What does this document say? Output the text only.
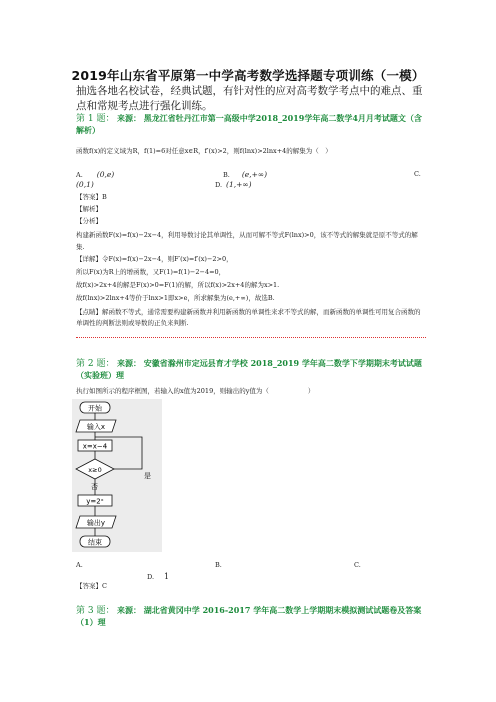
2019年山东省平原第一中学高考数学选择题专项训练（一模）
抽选各地名校试卷，经典试题，有针对性的应对高考数学考点中的难点、重点和常规考点进行强化训练。
第 1 题： 来源： 黑龙江省牡丹江市第一高级中学2018_2019学年高二数学4月月考试题文（含解析）
函数f(x)的定义域为R，f(1)=6对任意x∈R，f′(x)>2，则f(lnx)>2lnx+4的解集为（　）
A. (0,e)	B. (e,+∞)	C.
(0,1)	D. (1,+∞)
【答案】B
【解析】
【分析】
构建新函数F(x)=f(x)−2x−4，利用导数讨论其单调性，从而可解不等式F(lnx)>0，该不等式的解集就是原不等式的解集.
【详解】令F(x)=f(x)−2x−4，则F′(x)=f′(x)−2>0，
所以F(x)为R上的增函数，又F(1)=f(1)−2−4=0，
故f(x)>2x+4的解是F(x)>0=F(1)的解，所以f(x)>2x+4的解为x>1.
故f(lnx)>2lnx+4等价于lnx>1即x>e，所求解集为(e,+∞)，故选B.
【点睛】解函数不等式，通常需要构建新函数并利用新函数的单调性来求不等式的解，而新函数的单调性可用复合函数的单调性的判断法则或导数的正负来判断.
第 2 题： 来源： 安徽省滁州市定远县育才学校 2018_2019 学年高二数学下学期期末考试试题（实验班）理
执行如图所示的程序框图，若输入的x值为2019，则输出的y值为（　　　　　　）
开始
输入x
x=x−4
x≥0
是
否
y=2ˣ
输出y
结束
A.	B.	C.
D. 1
【答案】C
第 3 题： 来源： 湖北省黄冈中学 2016-2017 学年高二数学上学期期末模拟测试试题卷及答案（1）理
